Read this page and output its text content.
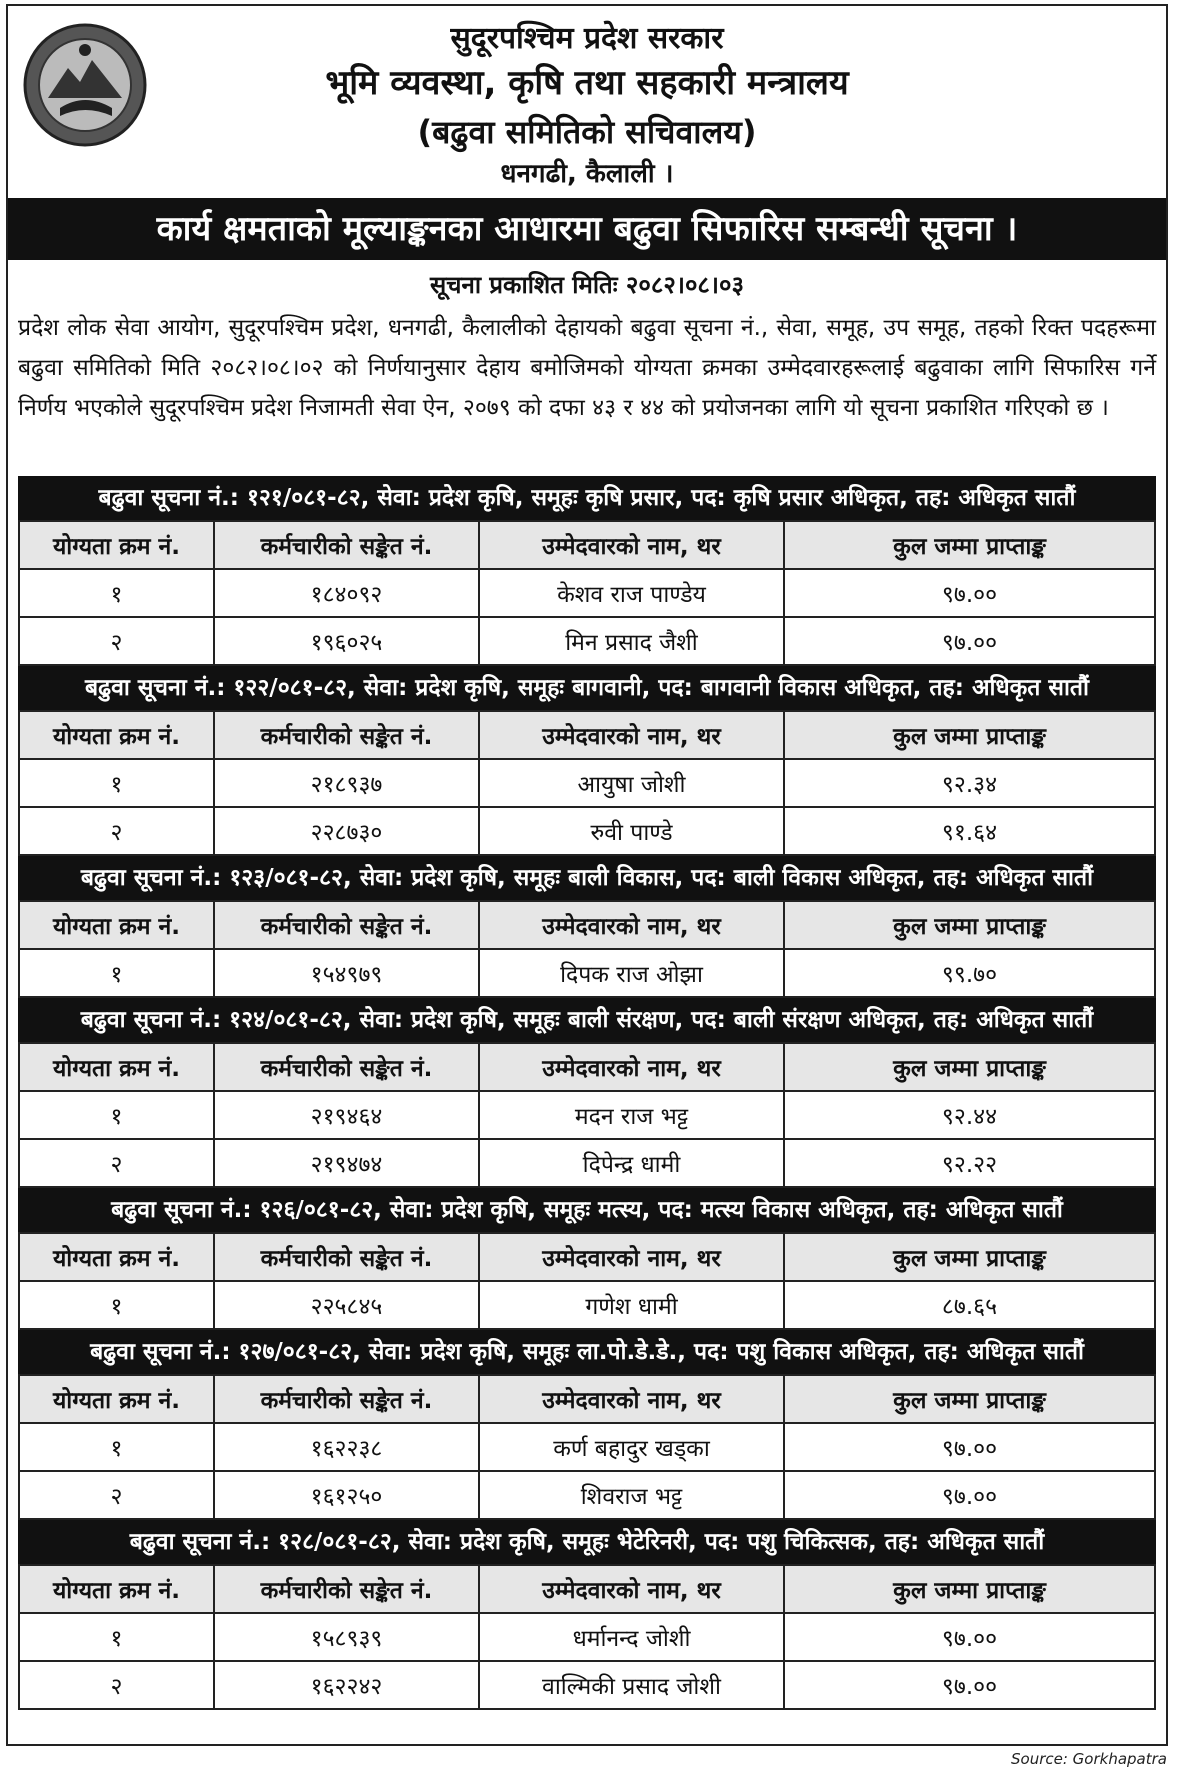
सुदूरपश्चिम प्रदेश सरकार
भूमि व्यवस्था, कृषि तथा सहकारी मन्त्रालय
(बढुवा समितिको सचिवालय)
धनगढी, कैलाली ।
कार्य क्षमताको मूल्याङ्कनका आधारमा बढुवा सिफारिस सम्बन्धी सूचना ।
सूचना प्रकाशित मितिः २०८२।०८।०३
प्रदेश लोक सेवा आयोग, सुदूरपश्चिम प्रदेश, धनगढी, कैलालीको देहायको बढुवा सूचना नं., सेवा, समूह, उप समूह, तहको रिक्त पदहरूमा बढुवा समितिको मिति २०८२।०८।०२ को निर्णयानुसार देहाय बमोजिमको योग्यता क्रमका उम्मेदवारहरूलाई बढुवाका लागि सिफारिस गर्ने निर्णय भएकोले सुदूरपश्चिम प्रदेश निजामती सेवा ऐन, २०७९ को दफा ४३ र ४४ को प्रयोजनका लागि यो सूचना प्रकाशित गरिएको छ ।
बढुवा सूचना नं.: १२१/०८१-८२, सेवा: प्रदेश कृषि, समूहः कृषि प्रसार, पद: कृषि प्रसार अधिकृत, तह: अधिकृत सातौं
योग्यता क्रम नं.	कर्मचारीको सङ्केत नं.	उम्मेदवारको नाम, थर	कुल जम्मा प्राप्ताङ्क
१	१८४०९२	केशव राज पाण्डेय	९७.००
२	१९६०२५	मिन प्रसाद जैशी	९७.००
बढुवा सूचना नं.: १२२/०८१-८२, सेवा: प्रदेश कृषि, समूहः बागवानी, पद: बागवानी विकास अधिकृत, तह: अधिकृत सातौं
योग्यता क्रम नं.	कर्मचारीको सङ्केत नं.	उम्मेदवारको नाम, थर	कुल जम्मा प्राप्ताङ्क
१	२१८९३७	आयुषा जोशी	९२.३४
२	२२८७३०	रुवी पाण्डे	९१.६४
बढुवा सूचना नं.: १२३/०८१-८२, सेवा: प्रदेश कृषि, समूहः बाली विकास, पद: बाली विकास अधिकृत, तह: अधिकृत सातौं
योग्यता क्रम नं.	कर्मचारीको सङ्केत नं.	उम्मेदवारको नाम, थर	कुल जम्मा प्राप्ताङ्क
१	१५४९७९	दिपक राज ओझा	९९.७०
बढुवा सूचना नं.: १२४/०८१-८२, सेवा: प्रदेश कृषि, समूहः बाली संरक्षण, पद: बाली संरक्षण अधिकृत, तह: अधिकृत सातौं
योग्यता क्रम नं.	कर्मचारीको सङ्केत नं.	उम्मेदवारको नाम, थर	कुल जम्मा प्राप्ताङ्क
१	२१९४६४	मदन राज भट्ट	९२.४४
२	२१९४७४	दिपेन्द्र धामी	९२.२२
बढुवा सूचना नं.: १२६/०८१-८२, सेवा: प्रदेश कृषि, समूहः मत्स्य, पद: मत्स्य विकास अधिकृत, तह: अधिकृत सातौं
योग्यता क्रम नं.	कर्मचारीको सङ्केत नं.	उम्मेदवारको नाम, थर	कुल जम्मा प्राप्ताङ्क
१	२२५८४५	गणेश धामी	८७.६५
बढुवा सूचना नं.: १२७/०८१-८२, सेवा: प्रदेश कृषि, समूहः ला.पो.डे.डे., पद: पशु विकास अधिकृत, तह: अधिकृत सातौं
योग्यता क्रम नं.	कर्मचारीको सङ्केत नं.	उम्मेदवारको नाम, थर	कुल जम्मा प्राप्ताङ्क
१	१६२२३८	कर्ण बहादुर खड्का	९७.००
२	१६१२५०	शिवराज भट्ट	९७.००
बढुवा सूचना नं.: १२८/०८१-८२, सेवा: प्रदेश कृषि, समूहः भेटेरिनरी, पद: पशु चिकित्सक, तह: अधिकृत सातौं
योग्यता क्रम नं.	कर्मचारीको सङ्केत नं.	उम्मेदवारको नाम, थर	कुल जम्मा प्राप्ताङ्क
१	१५८९३९	धर्मानन्द जोशी	९७.००
२	१६२२४२	वाल्मिकी प्रसाद जोशी	९७.००
Source: Gorkhapatra
